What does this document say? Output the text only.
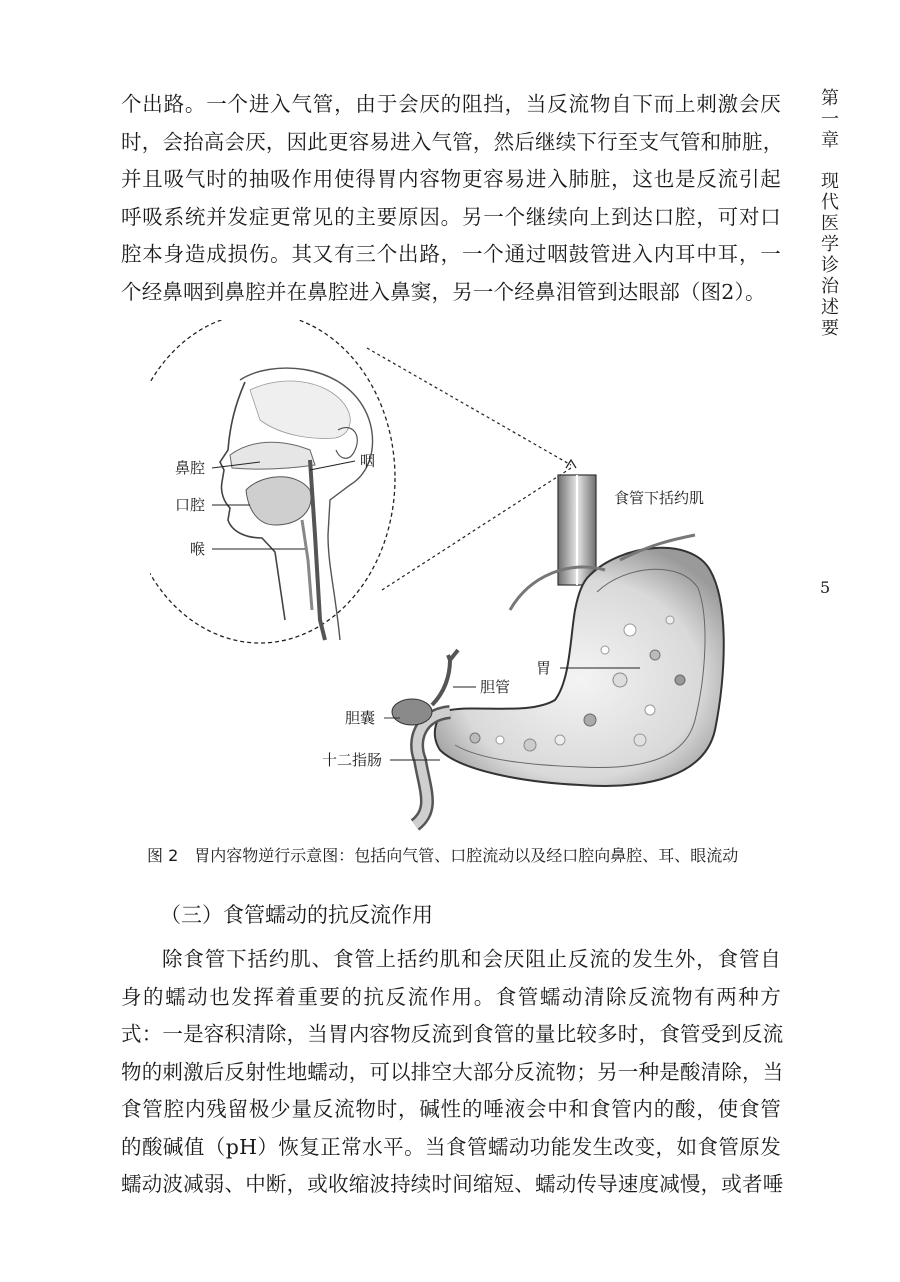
第
一
章
现
代
医
学
诊
治
述
要
5
个出路。一个进入气管，由于会厌的阻挡，当反流物自下而上刺激会厌
时，会抬高会厌，因此更容易进入气管，然后继续下行至支气管和肺脏，
并且吸气时的抽吸作用使得胃内容物更容易进入肺脏，这也是反流引起
呼吸系统并发症更常见的主要原因。另一个继续向上到达口腔，可对口
腔本身造成损伤。其又有三个出路，一个通过咽鼓管进入内耳中耳，一
个经鼻咽到鼻腔并在鼻腔进入鼻窦，另一个经鼻泪管到达眼部（图2）。
鼻腔
口腔
喉
咽
食管下括约肌
胃
胆管
胆囊
十二指肠
图 2　胃内容物逆行示意图：包括向气管、口腔流动以及经口腔向鼻腔、耳、眼流动
（三）食管蠕动的抗反流作用
除食管下括约肌、食管上括约肌和会厌阻止反流的发生外，食管自
身的蠕动也发挥着重要的抗反流作用。食管蠕动清除反流物有两种方
式：一是容积清除，当胃内容物反流到食管的量比较多时，食管受到反流
物的刺激后反射性地蠕动，可以排空大部分反流物；另一种是酸清除，当
食管腔内残留极少量反流物时，碱性的唾液会中和食管内的酸，使食管
的酸碱值（pH）恢复正常水平。当食管蠕动功能发生改变，如食管原发
蠕动波减弱、中断，或收缩波持续时间缩短、蠕动传导速度减慢，或者唾
